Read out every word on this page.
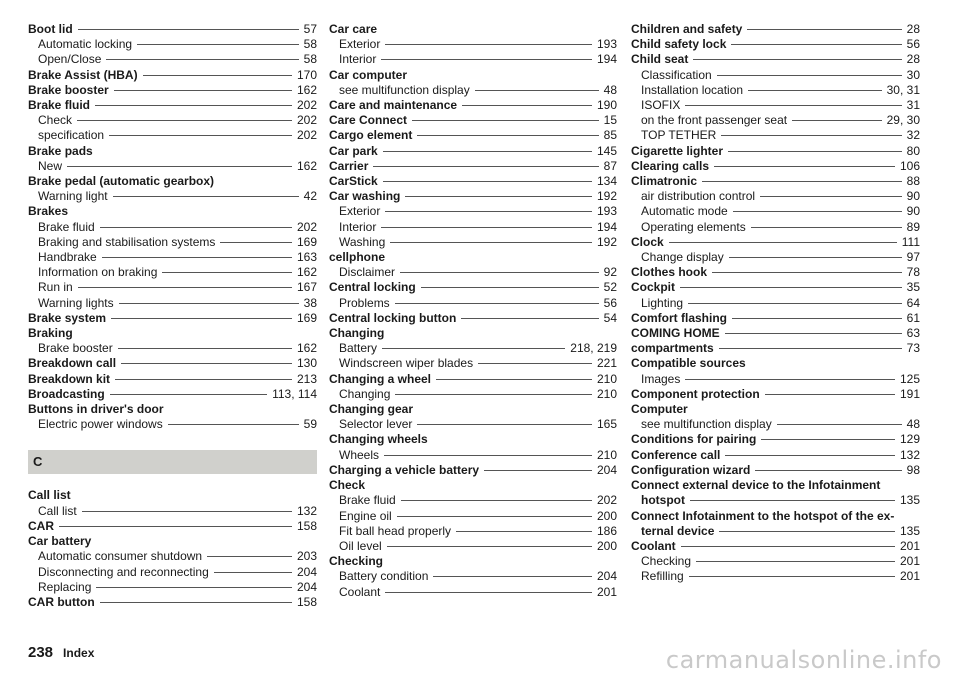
Boot lid	57
Automatic locking	58
Open/Close	58
Brake Assist (HBA)	170
Brake booster	162
Brake fluid	202
Check	202
specification	202
Brake pads
New	162
Brake pedal (automatic gearbox)
Warning light	42
Brakes
Brake fluid	202
Braking and stabilisation systems	169
Handbrake	163
Information on braking	162
Run in	167
Warning lights	38
Brake system	169
Braking
Brake booster	162
Breakdown call	130
Breakdown kit	213
Broadcasting	113, 114
Buttons in driver's door
Electric power windows	59
C
Call list
Call list	132
CAR	158
Car battery
Automatic consumer shutdown	203
Disconnecting and reconnecting	204
Replacing	204
CAR button	158
Car care
Exterior	193
Interior	194
Car computer
see multifunction display	48
Care and maintenance	190
Care Connect	15
Cargo element	85
Car park	145
Carrier	87
CarStick	134
Car washing	192
Exterior	193
Interior	194
Washing	192
cellphone
Disclaimer	92
Central locking	52
Problems	56
Central locking button	54
Changing
Battery	218, 219
Windscreen wiper blades	221
Changing a wheel	210
Changing	210
Changing gear
Selector lever	165
Changing wheels
Wheels	210
Charging a vehicle battery	204
Check
Brake fluid	202
Engine oil	200
Fit ball head properly	186
Oil level	200
Checking
Battery condition	204
Coolant	201
Children and safety	28
Child safety lock	56
Child seat	28
Classification	30
Installation location	30, 31
ISOFIX	31
on the front passenger seat	29, 30
TOP TETHER	32
Cigarette lighter	80
Clearing calls	106
Climatronic	88
air distribution control	90
Automatic mode	90
Operating elements	89
Clock	111
Change display	97
Clothes hook	78
Cockpit	35
Lighting	64
Comfort flashing	61
COMING HOME	63
compartments	73
Compatible sources
Images	125
Component protection	191
Computer
see multifunction display	48
Conditions for pairing	129
Conference call	132
Configuration wizard	98
Connect external device to the Infotainment
hotspot	135
Connect Infotainment to the hotspot of the ex-
ternal device	135
Coolant	201
Checking	201
Refilling	201
238 Index	carmanualsonline.info
